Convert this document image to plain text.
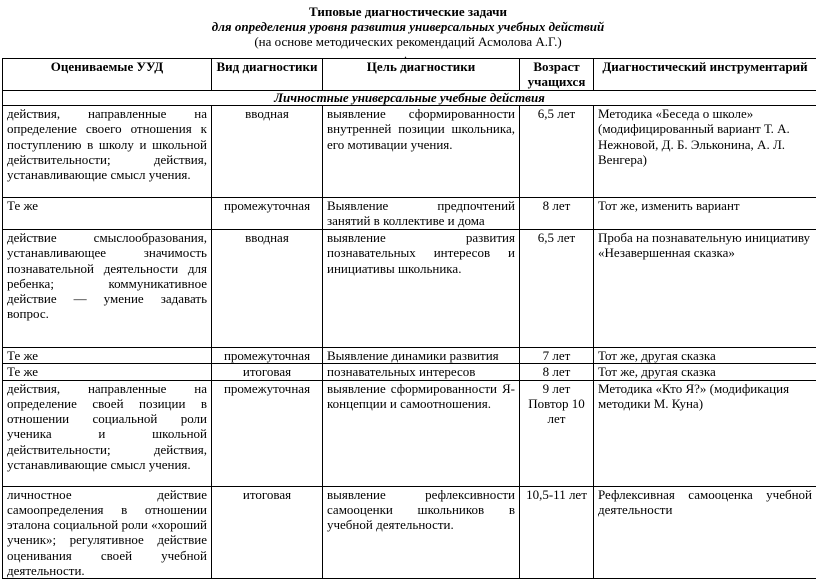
Типовые диагностические задачи
для определения уровня развития универсальных учебных действий
(на основе методических рекомендаций Асмолова А.Г.)
.
Оцениваемые УУД	Вид диагностики	Цель диагностики	Возраст учащихся	Диагностический инструментарий
Личностные универсальные учебные действия				
действия, направленные на определение своего отношения к поступлению в школу и школьной действительности; действия, устанавливающие смысл учения.	вводная	выявление сформированности внутренней позиции школьника, его мотивации учения.	6,5 лет	Методика «Беседа о школе» (модифицированный вариант Т. А. Нежновой, Д. Б. Эльконина, А. Л. Венгера)
Те же	промежуточная	Выявление предпочтений занятий в коллективе и дома	8 лет	Тот же, изменить вариант
действие смыслообразования, устанавливающее значимость познавательной деятельности для ребенка; коммуникативное действие — умение задавать вопрос.	вводная	выявление развития познавательных интересов и инициативы школьника.	6,5 лет	Проба на познавательную инициативу «Незавершенная сказка»
Те же	промежуточная	Выявление динамики развития	7 лет	Тот же, другая сказка
Те же	итоговая	познавательных интересов	8 лет	Тот же, другая сказка
действия, направленные на определение своей позиции в отношении социальной роли ученика и школьной действительности; действия, устанавливающие смысл учения.	промежуточная	выявление сформированности Я-концепции и самоотношения.	9 лет Повтор 10 лет	Методика «Кто Я?» (модификация методики М. Куна)
личностное действие самоопределения в отношении эталона социальной роли «хороший ученик»; регулятивное действие оценивания своей учебной деятельности.	итоговая	выявление рефлексивности самооценки школьников в учебной деятельности.	10,5-11 лет	Рефлексивная самооценка учебной деятельности
